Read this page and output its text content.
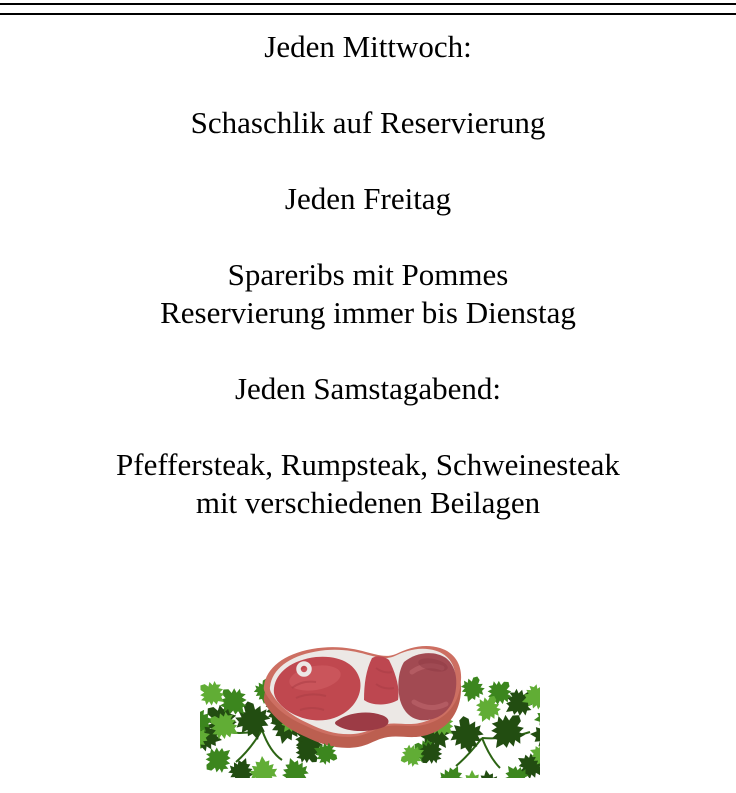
Jeden Mittwoch:

Schaschlik auf Reservierung

Jeden Freitag

Spareribs mit Pommes
Reservierung immer bis Dienstag

Jeden Samstagabend:

Pfeffersteak, Rumpsteak, Schweinesteak
mit verschiedenen Beilagen
